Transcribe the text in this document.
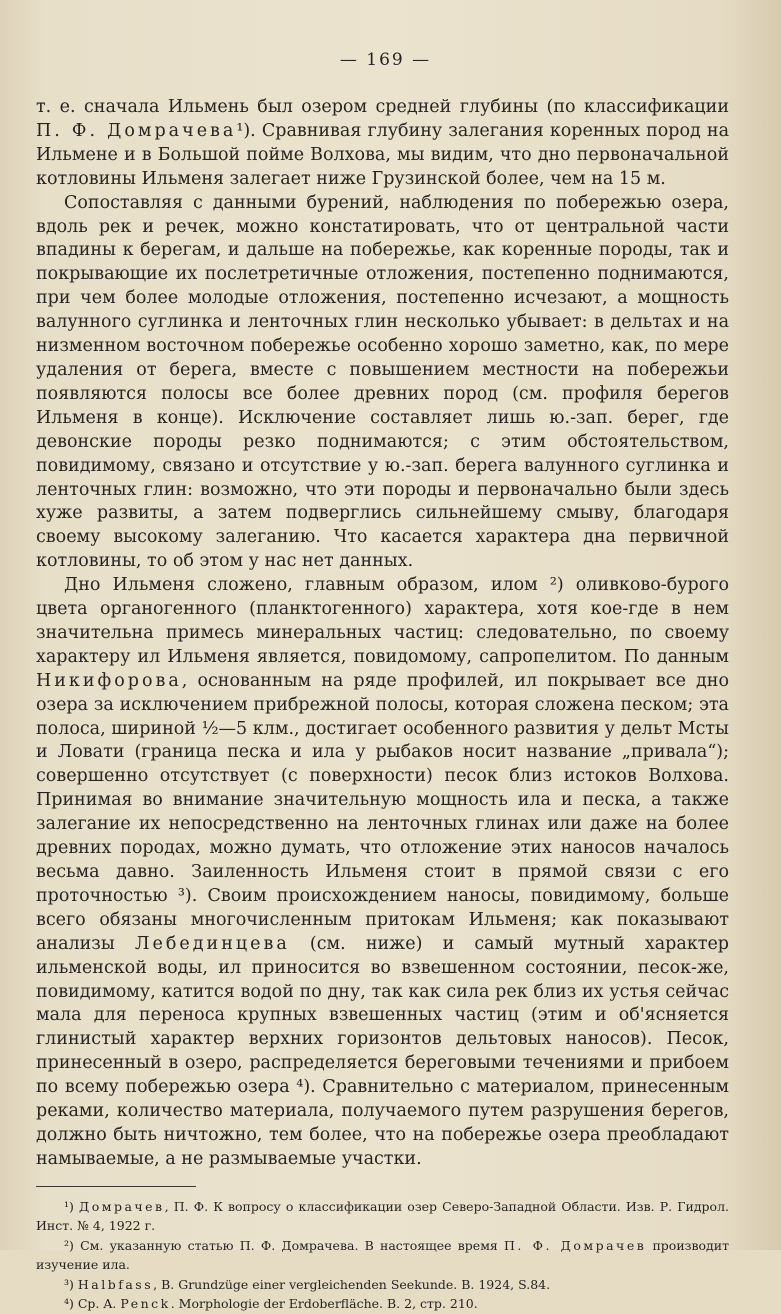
— 169 —

т. е. сначала Ильмень был озером средней глубины (по классификации П. Ф. Домрачева¹). Сравнивая глубину залегания коренных пород на Ильмене и в Большой пойме Волхова, мы видим, что дно первоначальной котловины Ильменя залегает ниже Грузинской более, чем на 15 м.

Сопоставляя с данными бурений, наблюдения по побережью озера, вдоль рек и речек, можно констатировать, что от центральной части впадины к берегам, и дальше на побережье, как коренные породы, так и покрывающие их послетретичные отложения, постепенно поднимаются, при чем более молодые отложения, постепенно исчезают, а мощность валунного суглинка и ленточных глин несколько убывает: в дельтах и на низменном восточном побережье особенно хорошо заметно, как, по мере удаления от берега, вместе с повышением местности на побережьи появляются полосы все более древних пород (см. профиля берегов Ильменя в конце). Исключение составляет лишь ю.-зап. берег, где девонские породы резко поднимаются; с этим обстоятельством, повидимому, связано и отсутствие у ю.-зап. берега валунного суглинка и ленточных глин: возможно, что эти породы и первоначально были здесь хуже развиты, а затем подверглись сильнейшему смыву, благодаря своему высокому залеганию. Что касается характера дна первичной котловины, то об этом у нас нет данных.

Дно Ильменя сложено, главным образом, илом ²) оливково-бурого цвета органогенного (планктогенного) характера, хотя кое-где в нем значительна примесь минеральных частиц: следовательно, по своему характеру ил Ильменя является, повидомому, сапропелитом. По данным Никифорова, основанным на ряде профилей, ил покрывает все дно озера за исключением прибрежной полосы, которая сложена песком; эта полоса, шириной ½—5 клм., достигает особенного развития у дельт Мсты и Ловати (граница песка и ила у рыбаков носит название „привала“); совершенно отсутствует (с поверхности) песок близ истоков Волхова. Принимая во внимание значительную мощность ила и песка, а также залегание их непосредственно на ленточных глинах или даже на более древних породах, можно думать, что отложение этих наносов началось весьма давно. Заиленность Ильменя стоит в прямой связи с его проточностью ³). Своим происхождением наносы, повидимому, больше всего обязаны многочисленным притокам Ильменя; как показывают анализы Лебединцева (см. ниже) и самый мутный характер ильменской воды, ил приносится во взвешенном состоянии, песок-же, повидимому, катится водой по дну, так как сила рек близ их устья сейчас мала для переноса крупных взвешенных частиц (этим и об'ясняется глинистый характер верхних горизонтов дельтовых наносов). Песок, принесенный в озеро, распределяется береговыми течениями и прибоем по всему побережью озера ⁴). Сравнительно с материалом, принесенным реками, количество материала, получаемого путем разрушения берегов, должно быть ничтожно, тем более, что на побережье озера преобладают намываемые, а не размываемые участки.

¹) Домрачев, П. Ф. К вопросу о классификации озер Северо-Западной Области. Изв. Р. Гидрол. Инст. № 4, 1922 г.

²) См. указанную статью П. Ф. Домрачева. В настоящее время П. Ф. Домрачев производит изучение ила.

³) Halbfass, B. Grundzüge einer vergleichenden Seekunde. B. 1924, S.84.

⁴) Ср. A. Penck. Morphologie der Erdoberfläche. B. 2, стр. 210.
